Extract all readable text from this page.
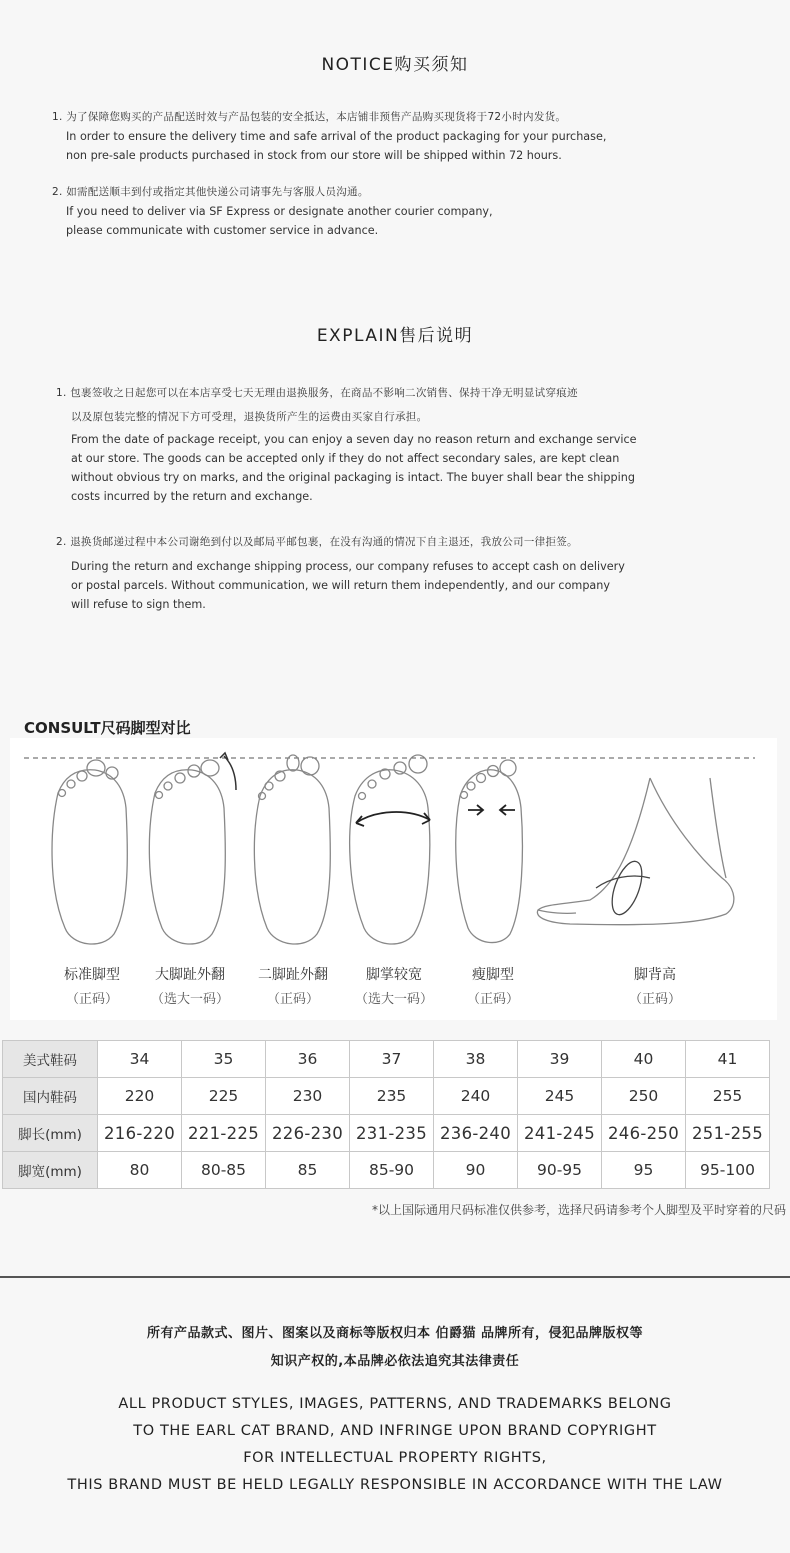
NOTICE购买须知
1. 为了保障您购买的产品配送时效与产品包装的安全抵达，本店铺非预售产品购买现货将于72小时内发货。
In order to ensure the delivery time and safe arrival of the product packaging for your purchase,
non pre-sale products purchased in stock from our store will be shipped within 72 hours.
2. 如需配送顺丰到付或指定其他快递公司请事先与客服人员沟通。
If you need to deliver via SF Express or designate another courier company,
please communicate with customer service in advance.
EXPLAIN售后说明
1. 包裹签收之日起您可以在本店享受七天无理由退换服务，在商品不影响二次销售、保持干净无明显试穿痕迹
以及原包装完整的情况下方可受理，退换货所产生的运费由买家自行承担。
From the date of package receipt, you can enjoy a seven day no reason return and exchange service
at our store. The goods can be accepted only if they do not affect secondary sales, are kept clean
without obvious try on marks, and the original packaging is intact. The buyer shall bear the shipping
costs incurred by the return and exchange.
2. 退换货邮递过程中本公司谢绝到付以及邮局平邮包裹，在没有沟通的情况下自主退还，我放公司一律拒签。
During the return and exchange shipping process, our company refuses to accept cash on delivery
or postal parcels. Without communication, we will return them independently, and our company
will refuse to sign them.
CONSULT尺码脚型对比
标准脚型
（正码）
大脚趾外翻
（选大一码）
二脚趾外翻
（正码）
脚掌较宽
（选大一码）
瘦脚型
（正码）
脚背高
（正码）
美式鞋码	34	35	36	37	38	39	40	41
国内鞋码	220	225	230	235	240	245	250	255
脚长(mm)	216-220	221-225	226-230	231-235	236-240	241-245	246-250	251-255
脚宽(mm)	80	80-85	85	85-90	90	90-95	95	95-100
*以上国际通用尺码标准仅供参考，选择尺码请参考个人脚型及平时穿着的尺码
所有产品款式、图片、图案以及商标等版权归本 伯爵猫 品牌所有，侵犯品牌版权等
知识产权的,本品牌必依法追究其法律责任
ALL PRODUCT STYLES, IMAGES, PATTERNS, AND TRADEMARKS BELONG
TO THE EARL CAT BRAND, AND INFRINGE UPON BRAND COPYRIGHT
FOR INTELLECTUAL PROPERTY RIGHTS,
THIS BRAND MUST BE HELD LEGALLY RESPONSIBLE IN ACCORDANCE WITH THE LAW
